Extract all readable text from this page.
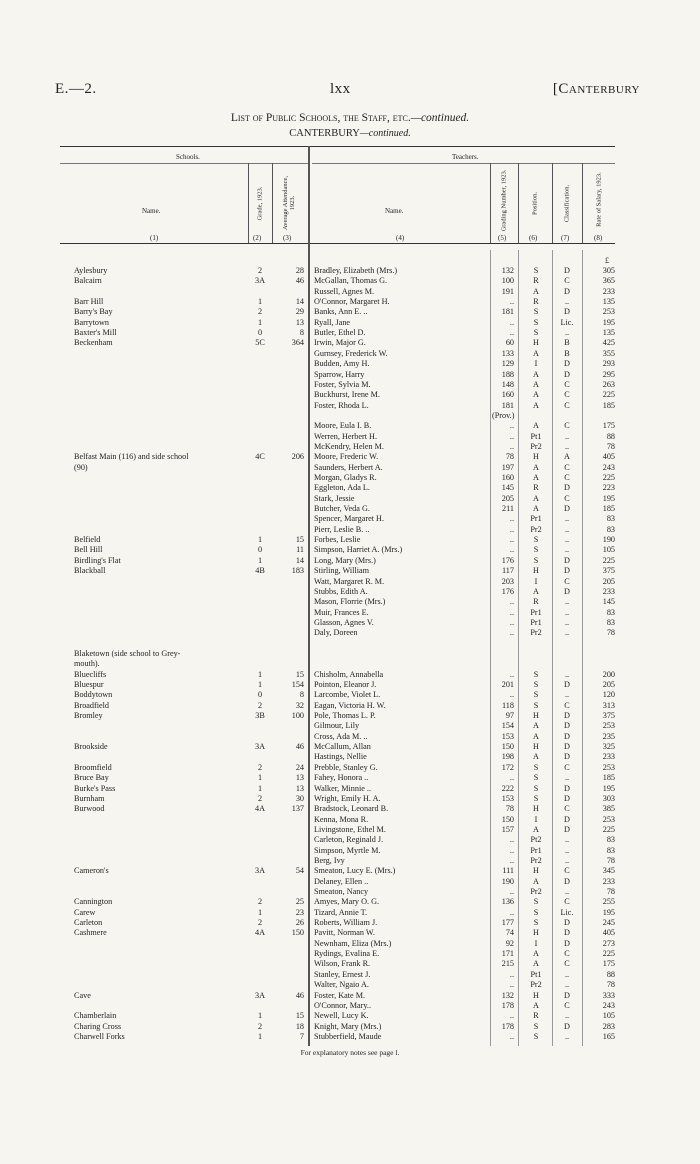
E.—2.	lxx	[Canterbury
List of Public Schools, the Staff, etc.—continued.
CANTERBURY—continued.
Schools.	Teachers.
Name.	Name.
Grade, 1923.	Average Attendance, 1923.	Grading Number, 1923.	Position.	Classification.	Rate of Salary, 1923.
(1)	(2)	(3)	(4)	(5)	(6)	(7)	(8)
£
Aylesbury	2	28 Bradley, Elizabeth (Mrs.)	132	S	D	305
Balcairn	3A	46 McGallan, Thomas G.	100	R	C	365
Russell, Agnes M.	191	A	D	233
Barr Hill	1	14 O'Connor, Margaret H.	..	R	..	135
Barry's Bay	2	29 Banks, Ann E. ..	181	S	D	253
Barrytown	1	13 Ryall, Jane	..	S	Lic.	195
Baxter's Mill	0	8 Butler, Ethel D.	..	S	..	135
Beckenham	5C	364 Irwin, Major G.	60	H	B	425
Gurnsey, Frederick W.	133	A	B	355
Budden, Amy H.	129	I	D	293
Sparrow, Harry	188	A	D	295
Foster, Sylvia M.	148	A	C	263
Buckhurst, Irene M.	160	A	C	225
Foster, Rhoda L.	181	A	C	185
(Prov.)
Moore, Eula I. B.	..	A	C	175
Werren, Herbert H.	..	Pt1	..	88
McKendry, Helen M.	..	Pr2	..	78
Belfast Main (116) and side school	4C	206 Moore, Frederic W.	78	H	A	405
(90)	Saunders, Herbert A.	197	A	C	243
Morgan, Gladys R.	160	A	C	225
Eggleton, Ada L.	145	R	D	223
Stark, Jessie	205	A	C	195
Butcher, Veda G.	211	A	D	185
Spencer, Margaret H.	..	Pr1	..	83
Pierr, Leslie B. ..	..	Pr2	..	83
Belfield	1	15 Forbes, Leslie	..	S	..	190
Bell Hill	0	11 Simpson, Harriet A. (Mrs.)	..	S	..	105
Birdling's Flat	1	14 Long, Mary (Mrs.)	176	S	D	225
Blackball	4B	183 Stirling, William	117	H	D	375
Watt, Margaret R. M.	203	I	C	205
Stubbs, Edith A.	176	A	D	233
Mason, Florrie (Mrs.)	..	R	..	145
Muir, Frances E.	..	Pr1	..	83
Glasson, Agnes V.	..	Pr1	..	83
Daly, Doreen	..	Pr2	..	78
Blaketown (side school to Grey-
mouth).
Bluecliffs	1	15 Chisholm, Annabella	..	S	..	200
Bluespur	1	154 Pointon, Eleanor J.	201	S	D	205
Boddytown	0	8 Larcombe, Violet L.	..	S	..	120
Broadfield	2	32 Eagan, Victoria H. W.	118	S	C	313
Bromley	3B	100 Pole, Thomas L. P.	97	H	D	375
Gilmour, Lily	154	A	D	253
Cross, Ada M. ..	153	A	D	235
Brookside	3A	46 McCallum, Allan	150	H	D	325
Hastings, Nellie	198	A	D	233
Broomfield	2	24 Prebble, Stanley G.	172	S	C	253
Bruce Bay	1	13 Fahey, Honora ..	..	S	..	185
Burke's Pass	1	13 Walker, Minnie ..	222	S	D	195
Burnham	2	30 Wright, Emily H. A.	153	S	D	303
Burwood	4A	137 Bradstock, Leonard B.	78	H	C	385
Kenna, Mona R.	150	I	D	253
Livingstone, Ethel M.	157	A	D	225
Carleton, Reginald J.	..	Pt2	..	83
Simpson, Myrtle M.	..	Pr1	..	83
Berg, Ivy	..	Pr2	..	78
Cameron's	3A	54 Smeaton, Lucy E. (Mrs.)	111	H	C	345
Delaney, Ellen ..	190	A	D	233
Smeaton, Nancy	..	Pr2	..	78
Cannington	2	25 Amyes, Mary O. G.	136	S	C	255
Carew	1	23 Tizard, Annie T.	..	S	Lic.	195
Carleton	2	26 Roberts, William J.	177	S	D	245
Cashmere	4A	150 Pavitt, Norman W.	74	H	D	405
Newnham, Eliza (Mrs.)	92	I	D	273
Rydings, Evalina E.	171	A	C	225
Wilson, Frank R.	215	A	C	175
Stanley, Ernest J.	..	Pt1	..	88
Walter, Ngaio A.	..	Pr2	..	78
Cave	3A	46 Foster, Kate M.	132	H	D	333
O'Connor, Mary..	178	A	C	243
Chamberlain	1	15 Newell, Lucy K.	..	R	..	105
Charing Cross	2	18 Knight, Mary (Mrs.)	178	S	D	283
Charwell Forks	1	7 Stubberfield, Maude	..	S	..	165
For explanatory notes see page l.
